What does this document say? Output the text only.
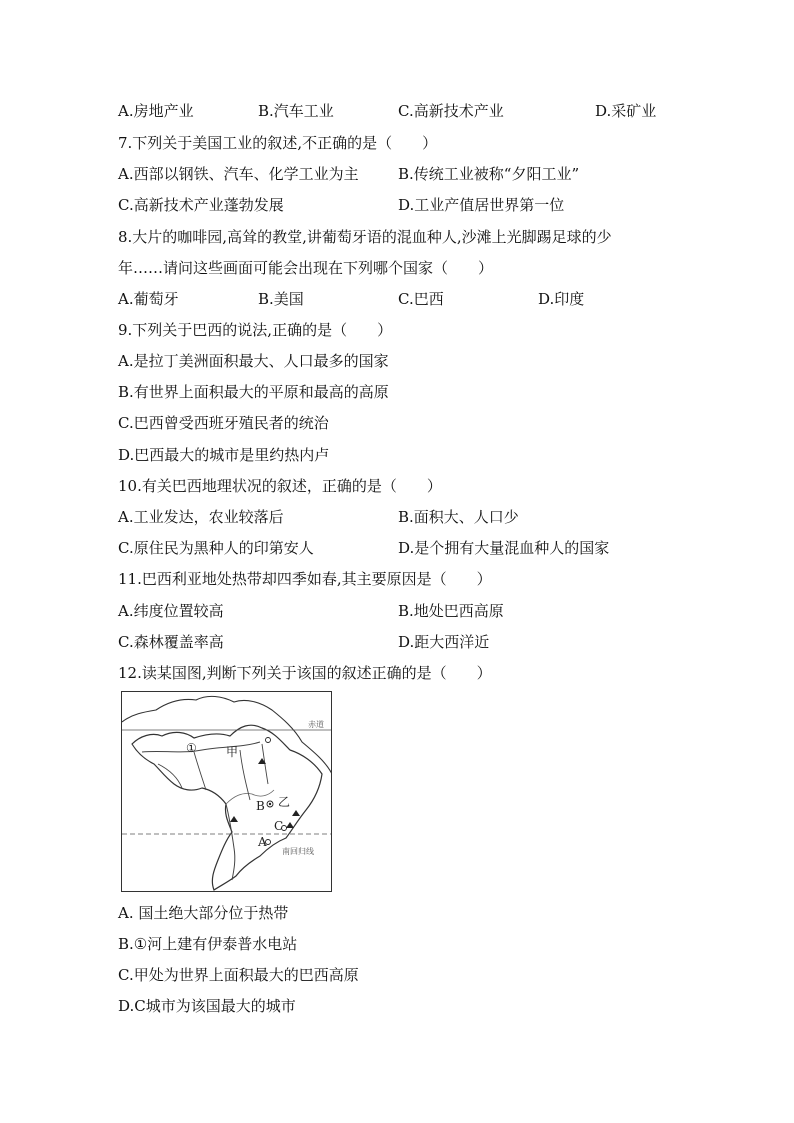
A.房地产业	B.汽车工业	C.高新技术产业	D.采矿业
7.下列关于美国工业的叙述,不正确的是（　　）
A.西部以钢铁、汽车、化学工业为主	B.传统工业被称“夕阳工业”
C.高新技术产业蓬勃发展	D.工业产值居世界第一位
8.大片的咖啡园,高耸的教堂,讲葡萄牙语的混血种人,沙滩上光脚踢足球的少
年……请问这些画面可能会出现在下列哪个国家（　　）
A.葡萄牙	B.美国	C.巴西	D.印度
9.下列关于巴西的说法,正确的是（　　）
A.是拉丁美洲面积最大、人口最多的国家
B.有世界上面积最大的平原和最高的高原
C.巴西曾受西班牙殖民者的统治
D.巴西最大的城市是里约热内卢
10.有关巴西地理状况的叙述，正确的是（　　）
A.工业发达，农业较落后	B.面积大、人口少
C.原住民为黑种人的印第安人	D.是个拥有大量混血种人的国家
11.巴西利亚地处热带却四季如春,其主要原因是（　　）
A.纬度位置较高	B.地处巴西高原
C.森林覆盖率高	D.距大西洋近
12.读某国图,判断下列关于该国的叙述正确的是（　　）
赤道
南回归线
① 甲
乙
B
A
C
A. 国土绝大部分位于热带
B.①河上建有伊泰普水电站
C.甲处为世界上面积最大的巴西高原
D.C城市为该国最大的城市
